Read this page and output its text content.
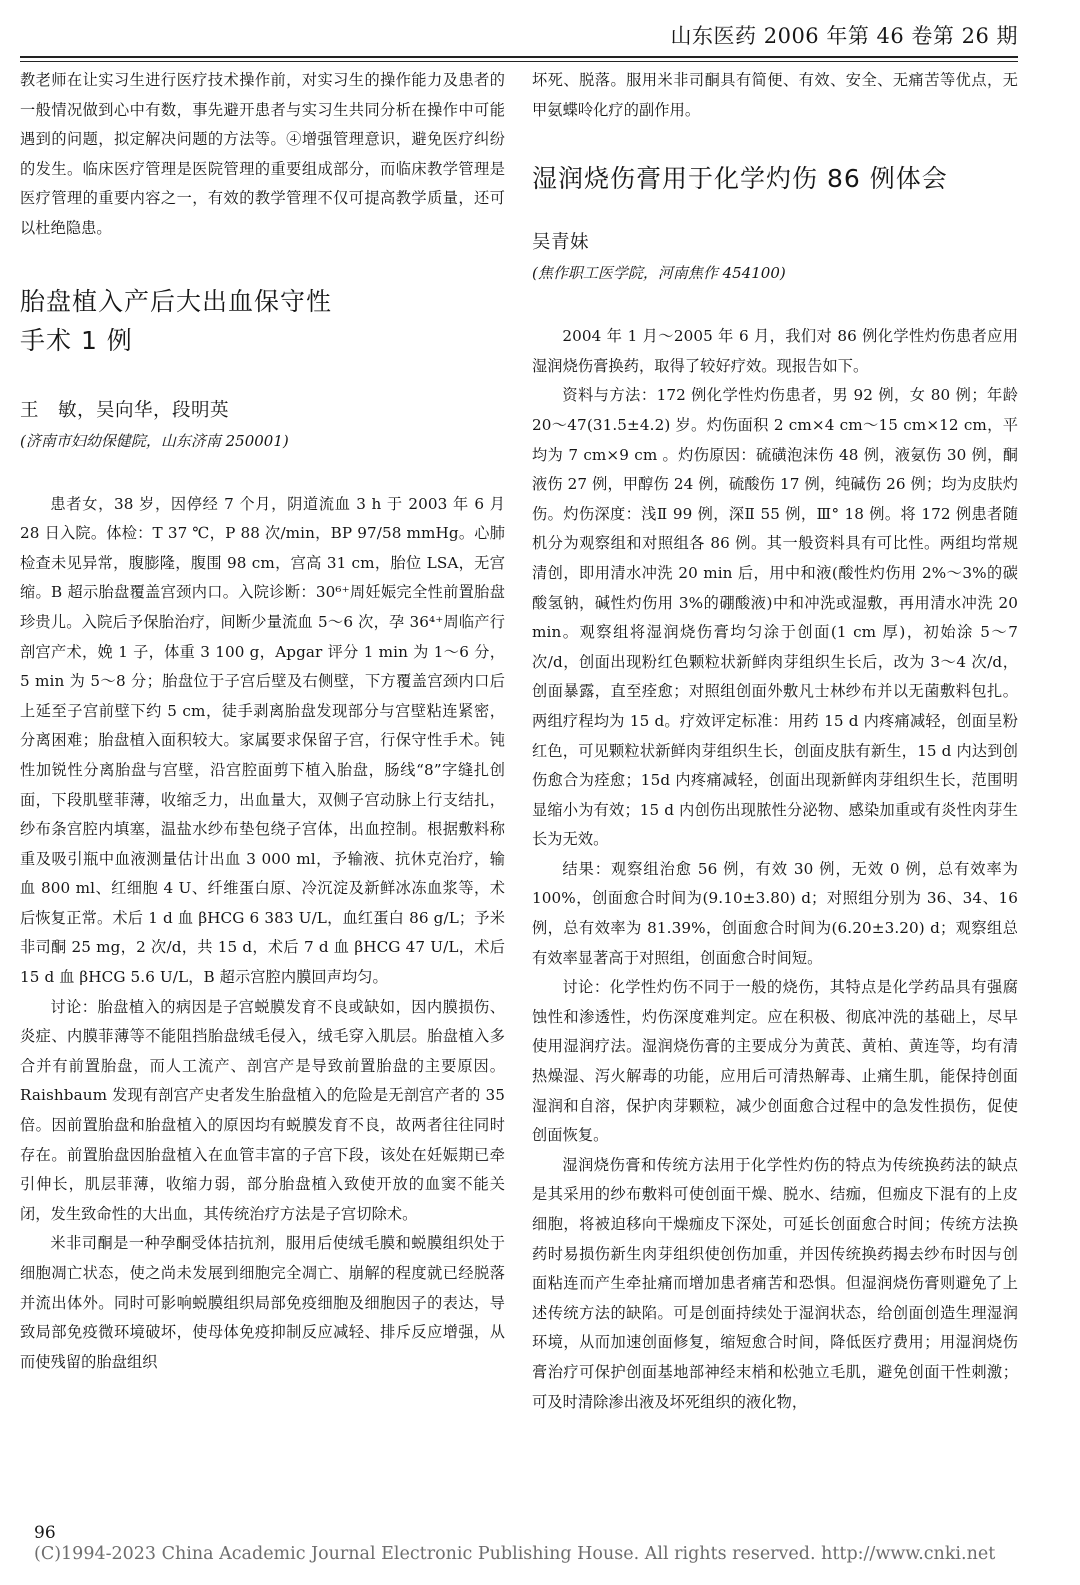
山东医药 2006 年第 46 卷第 26 期

教老师在让实习生进行医疗技术操作前，对实习生的操作能力及患者的一般情况做到心中有数，事先避开患者与实习生共同分析在操作中可能遇到的问题，拟定解决问题的方法等。④增强管理意识，避免医疗纠纷的发生。临床医疗管理是医院管理的重要组成部分，而临床教学管理是医疗管理的重要内容之一，有效的教学管理不仅可提高教学质量，还可以杜绝隐患。

胎盘植入产后大出血保守性
手术 1 例

王　敏，吴向华，段明英

(济南市妇幼保健院，山东济南 250001)

患者女，38 岁，因停经 7 个月，阴道流血 3 h 于 2003 年 6 月 28 日入院。体检：T 37 ℃，P 88 次/min，BP 97/58 mmHg。心肺检查未见异常，腹膨隆，腹围 98 cm，宫高 31 cm，胎位 LSA，无宫缩。B 超示胎盘覆盖宫颈内口。入院诊断：30⁶⁺周妊娠完全性前置胎盘 珍贵儿。入院后予保胎治疗，间断少量流血 5～6 次，孕 36⁴⁺周临产行剖宫产术，娩 1 子，体重 3 100 g，Apgar 评分 1 min 为 1～6 分，5 min 为 5～8 分；胎盘位于子宫后壁及右侧壁，下方覆盖宫颈内口后上延至子宫前壁下约 5 cm，徒手剥离胎盘发现部分与宫壁粘连紧密，分离困难；胎盘植入面积较大。家属要求保留子宫，行保守性手术。钝性加锐性分离胎盘与宫壁，沿宫腔面剪下植入胎盘，肠线“8”字缝扎创面，下段肌壁菲薄，收缩乏力，出血量大，双侧子宫动脉上行支结扎，纱布条宫腔内填塞，温盐水纱布垫包绕子宫体，出血控制。根据敷料称重及吸引瓶中血液测量估计出血 3 000 ml，予输液、抗休克治疗，输血 800 ml、红细胞 4 U、纤维蛋白原、冷沉淀及新鲜冰冻血浆等，术后恢复正常。术后 1 d 血 βHCG 6 383 U/L，血红蛋白 86 g/L；予米非司酮 25 mg，2 次/d，共 15 d，术后 7 d 血 βHCG 47 U/L，术后 15 d 血 βHCG 5.6 U/L，B 超示宫腔内膜回声均匀。

讨论：胎盘植入的病因是子宫蜕膜发育不良或缺如，因内膜损伤、炎症、内膜菲薄等不能阻挡胎盘绒毛侵入，绒毛穿入肌层。胎盘植入多合并有前置胎盘，而人工流产、剖宫产是导致前置胎盘的主要原因。Raishbaum 发现有剖宫产史者发生胎盘植入的危险是无剖宫产者的 35 倍。因前置胎盘和胎盘植入的原因均有蜕膜发育不良，故两者往往同时存在。前置胎盘因胎盘植入在血管丰富的子宫下段，该处在妊娠期已牵引伸长，肌层菲薄，收缩力弱，部分胎盘植入致使开放的血窦不能关闭，发生致命性的大出血，其传统治疗方法是子宫切除术。

米非司酮是一种孕酮受体拮抗剂，服用后使绒毛膜和蜕膜组织处于细胞凋亡状态，使之尚未发展到细胞完全凋亡、崩解的程度就已经脱落并流出体外。同时可影响蜕膜组织局部免疫细胞及细胞因子的表达，导致局部免疫微环境破坏，使母体免疫抑制反应减轻、排斥反应增强，从而使残留的胎盘组织

坏死、脱落。服用米非司酮具有简便、有效、安全、无痛苦等优点，无甲氨蝶呤化疗的副作用。

湿润烧伤膏用于化学灼伤 86 例体会

吴青妹

(焦作职工医学院，河南焦作 454100)

2004 年 1 月～2005 年 6 月，我们对 86 例化学性灼伤患者应用湿润烧伤膏换药，取得了较好疗效。现报告如下。

资料与方法：172 例化学性灼伤患者，男 92 例，女 80 例；年龄 20～47(31.5±4.2) 岁。灼伤面积 2 cm×4 cm～15 cm×12 cm，平均为 7 cm×9 cm 。灼伤原因：硫磺泡沫伤 48 例，液氨伤 30 例，酮液伤 27 例，甲醇伤 24 例，硫酸伤 17 例，纯碱伤 26 例；均为皮肤灼伤。灼伤深度：浅Ⅱ 99 例，深Ⅱ 55 例，Ⅲ° 18 例。将 172 例患者随机分为观察组和对照组各 86 例。其一般资料具有可比性。两组均常规清创，即用清水冲洗 20 min 后，用中和液(酸性灼伤用 2%～3%的碳酸氢钠，碱性灼伤用 3%的硼酸液)中和冲洗或湿敷，再用清水冲洗 20 min。观察组将湿润烧伤膏均匀涂于创面(1 cm 厚)，初始涂 5～7 次/d，创面出现粉红色颗粒状新鲜肉芽组织生长后，改为 3～4 次/d，创面暴露，直至痊愈；对照组创面外敷凡士林纱布并以无菌敷料包扎。两组疗程均为 15 d。疗效评定标准：用药 15 d 内疼痛减轻，创面呈粉红色，可见颗粒状新鲜肉芽组织生长，创面皮肤有新生，15 d 内达到创伤愈合为痊愈；15d 内疼痛减轻，创面出现新鲜肉芽组织生长，范围明显缩小为有效；15 d 内创伤出现脓性分泌物、感染加重或有炎性肉芽生长为无效。

结果：观察组治愈 56 例，有效 30 例，无效 0 例，总有效率为 100%，创面愈合时间为(9.10±3.80) d；对照组分别为 36、34、16 例，总有效率为 81.39%，创面愈合时间为(6.20±3.20) d；观察组总有效率显著高于对照组，创面愈合时间短。

讨论：化学性灼伤不同于一般的烧伤，其特点是化学药品具有强腐蚀性和渗透性，灼伤深度难判定。应在积极、彻底冲洗的基础上，尽早使用湿润疗法。湿润烧伤膏的主要成分为黄芪、黄柏、黄连等，均有清热燥湿、泻火解毒的功能，应用后可清热解毒、止痛生肌，能保持创面湿润和自溶，保护肉芽颗粒，减少创面愈合过程中的急发性损伤，促使创面恢复。

湿润烧伤膏和传统方法用于化学性灼伤的特点为传统换药法的缺点是其采用的纱布敷料可使创面干燥、脱水、结痂，但痂皮下混有的上皮细胞，将被迫移向干燥痂皮下深处，可延长创面愈合时间；传统方法换药时易损伤新生肉芽组织使创伤加重，并因传统换药揭去纱布时因与创面粘连而产生牵扯痛而增加患者痛苦和恐惧。但湿润烧伤膏则避免了上述传统方法的缺陷。可是创面持续处于湿润状态，给创面创造生理湿润环境，从而加速创面修复，缩短愈合时间，降低医疗费用；用湿润烧伤膏治疗可保护创面基地部神经末梢和松弛立毛肌，避免创面干性刺激；可及时清除渗出液及坏死组织的液化物，

96
(C)1994-2023 China Academic Journal Electronic Publishing House. All rights reserved. http://www.cnki.net
